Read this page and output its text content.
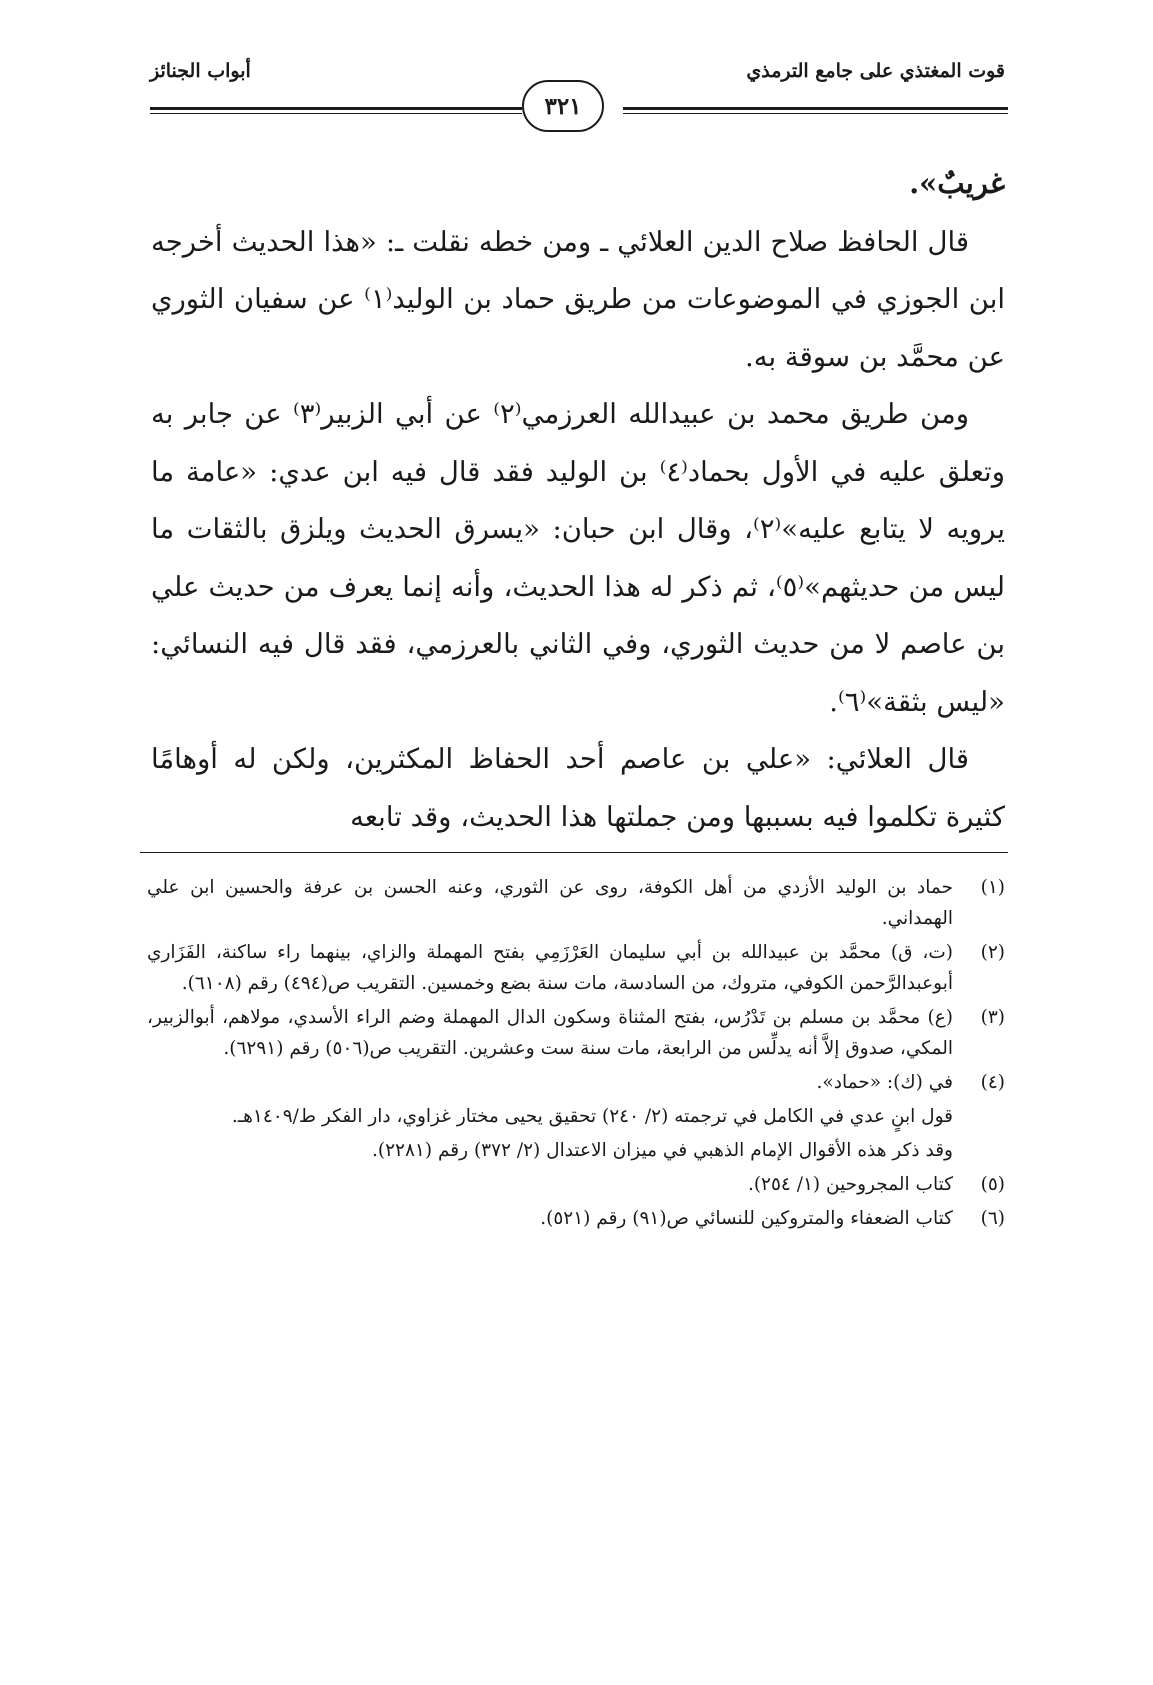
قوت المغتذي على جامع الترمذي
أبواب الجنائز
٣٢١

غريبٌ».

قال الحافظ صلاح الدين العلائي ـ ومن خطه نقلت ـ: «هذا الحديث أخرجه ابن الجوزي في الموضوعات من طريق حماد بن الوليد⁽١⁾ عن سفيان الثوري عن محمَّد بن سوقة به.

ومن طريق محمد بن عبيدالله العرزمي⁽٢⁾ عن أبي الزبير⁽٣⁾ عن جابر به وتعلق عليه في الأول بحماد⁽٤⁾ بن الوليد فقد قال فيه ابن عدي: «عامة ما يرويه لا يتابع عليه»⁽٢⁾، وقال ابن حبان: «يسرق الحديث ويلزق بالثقات ما ليس من حديثهم»⁽٥⁾، ثم ذكر له هذا الحديث، وأنه إنما يعرف من حديث علي بن عاصم لا من حديث الثوري، وفي الثاني بالعرزمي، فقد قال فيه النسائي: «ليس بثقة»⁽٦⁾.

قال العلائي: «علي بن عاصم أحد الحفاظ المكثرين، ولكن له أوهامًا كثيرة تكلموا فيه بسببها ومن جملتها هذا الحديث، وقد تابعه

(١)
حماد بن الوليد الأزدي من أهل الكوفة، روى عن الثوري، وعنه الحسن بن عرفة والحسين ابن علي الهمداني.
(٢)
(ت، ق) محمَّد بن عبيدالله بن أبي سليمان العَرْزَمِي بفتح المهملة والزاي، بينهما راء ساكنة، الفَزَاري أبوعبدالرَّحمن الكوفي، متروك، من السادسة، مات سنة بضع وخمسين. التقريب ص(٤٩٤) رقم (٦١٠٨).
(٣)
(ع) محمَّد بن مسلم بن تَدْرُس، بفتح المثناة وسكون الدال المهملة وضم الراء الأسدي، مولاهم، أبوالزبير، المكي، صدوق إلاَّ أنه يدلِّس من الرابعة، مات سنة ست وعشرين. التقريب ص(٥٠٦) رقم (٦٢٩١).
(٤)
في (ك): «حماد».
قول ابنٍ عدي في الكامل في ترجمته (٢/ ٢٤٠) تحقيق يحيى مختار غزاوي، دار الفكر ط/١٤٠٩هـ.
وقد ذكر هذه الأقوال الإمام الذهبي في ميزان الاعتدال (٢/ ٣٧٢) رقم (٢٢٨١).
(٥)
كتاب المجروحين (١/ ٢٥٤).
(٦)
كتاب الضعفاء والمتروكين للنسائي ص(٩١) رقم (٥٢١).
